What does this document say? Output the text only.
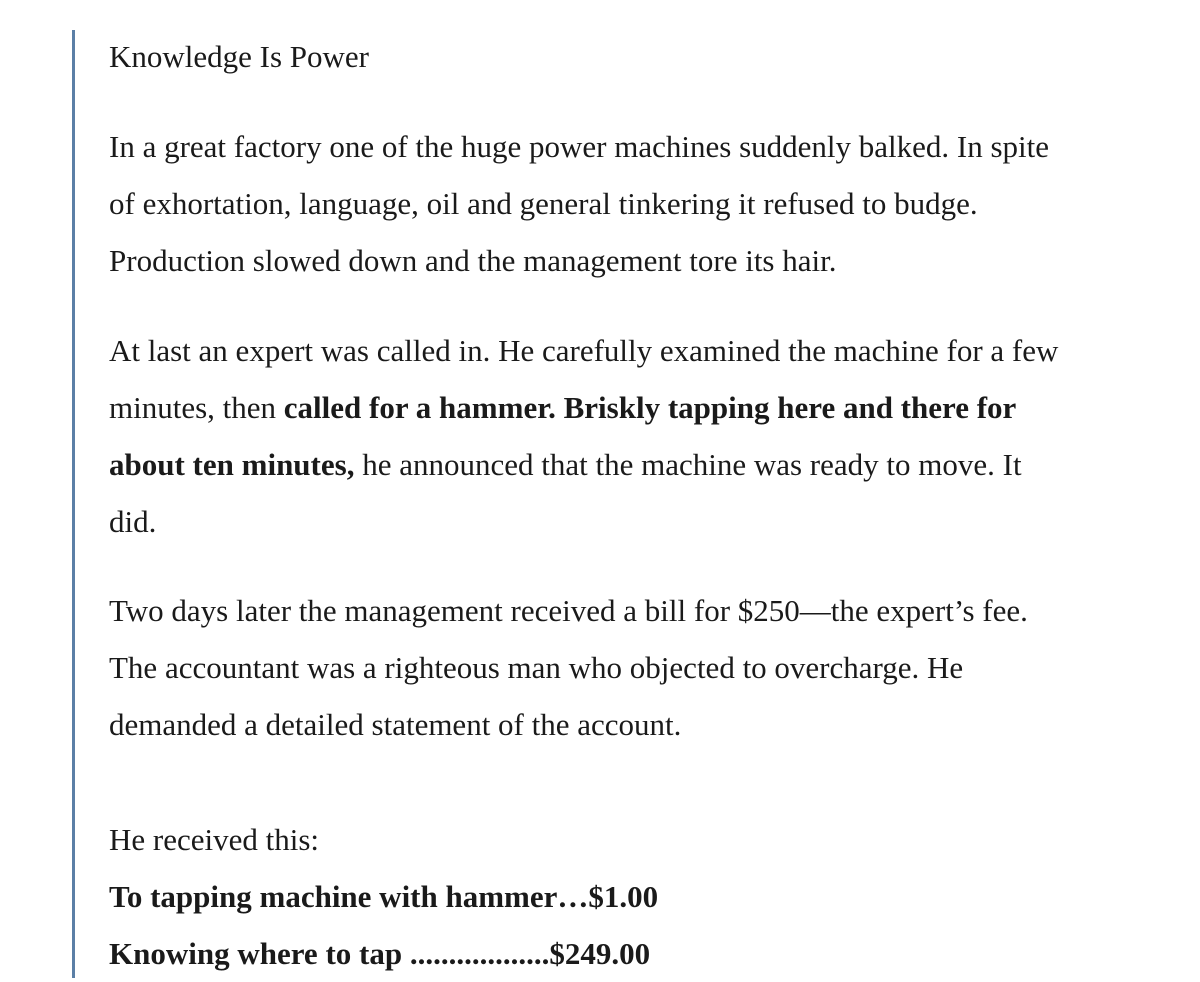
Knowledge Is Power

In a great factory one of the huge power machines suddenly balked. In spite of exhortation, language, oil and general tinkering it refused to budge. Production slowed down and the management tore its hair.

At last an expert was called in. He carefully examined the machine for a few minutes, then called for a hammer. Briskly tapping here and there for about ten minutes, he announced that the machine was ready to move. It did.

Two days later the management received a bill for $250—the expert’s fee. The accountant was a righteous man who objected to overcharge. He demanded a detailed statement of the account.

He received this:
To tapping machine with hammer…$1.00
Knowing where to tap ..................$249.00
